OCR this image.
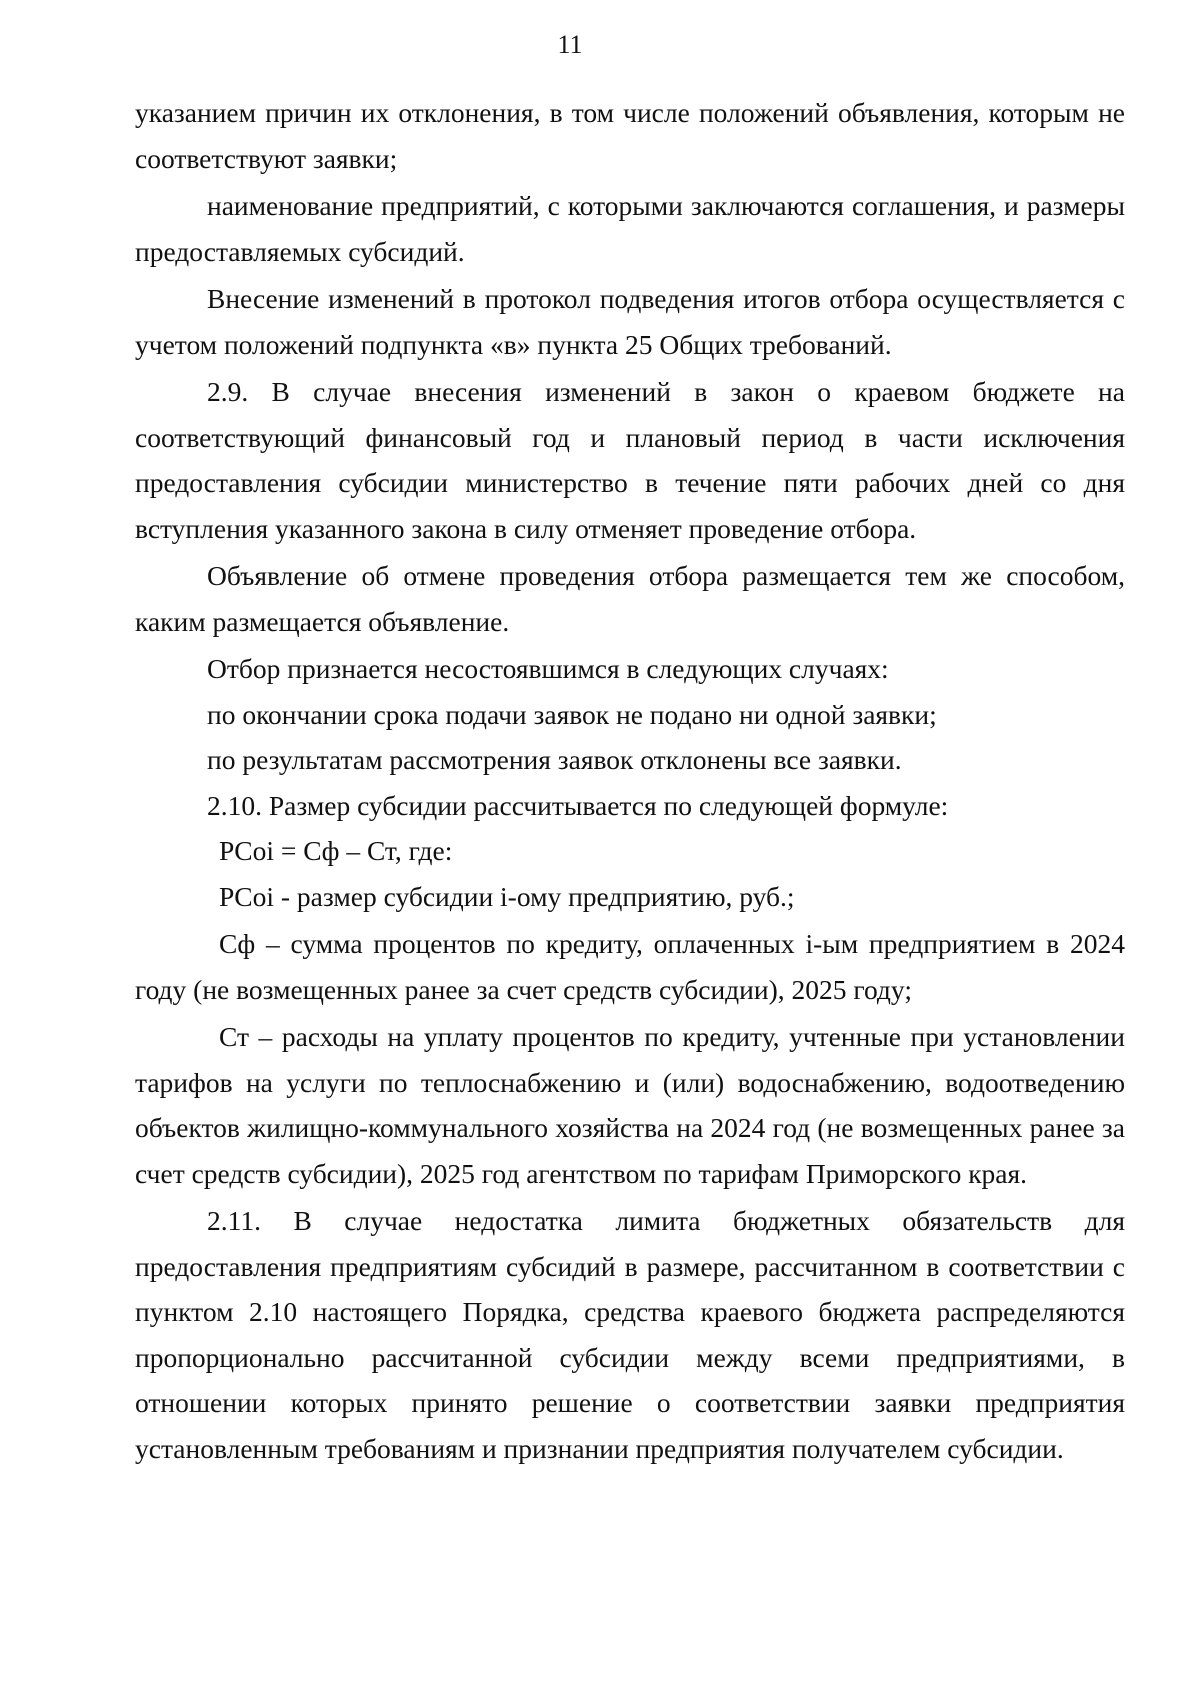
11

указанием причин их отклонения, в том числе положений объявления, которым не соответствуют заявки;

наименование предприятий, с которыми заключаются соглашения, и размеры предоставляемых субсидий.

Внесение изменений в протокол подведения итогов отбора осуществляется с учетом положений подпункта «в» пункта 25 Общих требований.

2.9. В случае внесения изменений в закон о краевом бюджете на соответствующий финансовый год и плановый период в части исключения предоставления субсидии министерство в течение пяти рабочих дней со дня вступления указанного закона в силу отменяет проведение отбора.

Объявление об отмене проведения отбора размещается тем же способом, каким размещается объявление.

Отбор признается несостоявшимся в следующих случаях:

по окончании срока подачи заявок не подано ни одной заявки;

по результатам рассмотрения заявок отклонены все заявки.

2.10. Размер субсидии рассчитывается по следующей формуле:

PCoi = Сф – Ст, где:

PCoi - размер субсидии i-ому предприятию, руб.;

Сф – сумма процентов по кредиту, оплаченных i-ым предприятием в 2024 году (не возмещенных ранее за счет средств субсидии), 2025 году;

Ст – расходы на уплату процентов по кредиту, учтенные при установлении тарифов на услуги по теплоснабжению и (или) водоснабжению, водоотведению объектов жилищно-коммунального хозяйства на 2024 год (не возмещенных ранее за счет средств субсидии), 2025 год агентством по тарифам Приморского края.

2.11. В случае недостатка лимита бюджетных обязательств для предоставления предприятиям субсидий в размере, рассчитанном в соответствии с пунктом 2.10 настоящего Порядка, средства краевого бюджета распределяются пропорционально рассчитанной субсидии между всеми предприятиями, в отношении которых принято решение о соответствии заявки предприятия установленным требованиям и признании предприятия получателем субсидии.
